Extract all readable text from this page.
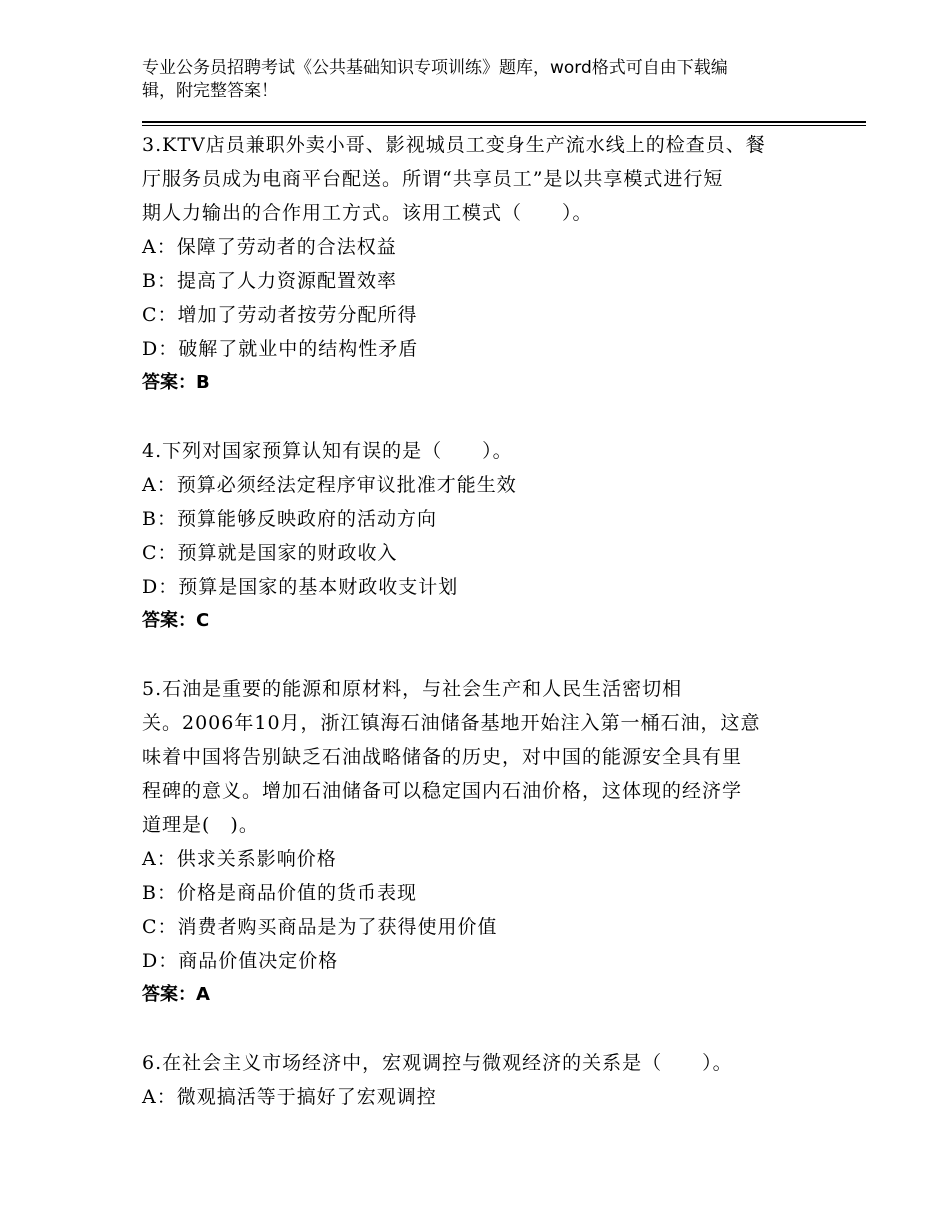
专业公务员招聘考试《公共基础知识专项训练》题库，word格式可自由下载编
辑，附完整答案！
3.KTV店员兼职外卖小哥、影视城员工变身生产流水线上的检查员、餐
厅服务员成为电商平台配送。所谓“共享员工”是以共享模式进行短
期人力输出的合作用工方式。该用工模式（　　）。
A：保障了劳动者的合法权益
B：提高了人力资源配置效率
C：增加了劳动者按劳分配所得
D：破解了就业中的结构性矛盾
答案：B
4.下列对国家预算认知有误的是（　　）。
A：预算必须经法定程序审议批准才能生效
B：预算能够反映政府的活动方向
C：预算就是国家的财政收入
D：预算是国家的基本财政收支计划
答案：C
5.石油是重要的能源和原材料，与社会生产和人民生活密切相
关。2006年10月，浙江镇海石油储备基地开始注入第一桶石油，这意
味着中国将告别缺乏石油战略储备的历史，对中国的能源安全具有里
程碑的意义。增加石油储备可以稳定国内石油价格，这体现的经济学
道理是(　)。
A：供求关系影响价格
B：价格是商品价值的货币表现
C：消费者购买商品是为了获得使用价值
D：商品价值决定价格
答案：A
6.在社会主义市场经济中，宏观调控与微观经济的关系是（　　）。
A：微观搞活等于搞好了宏观调控
